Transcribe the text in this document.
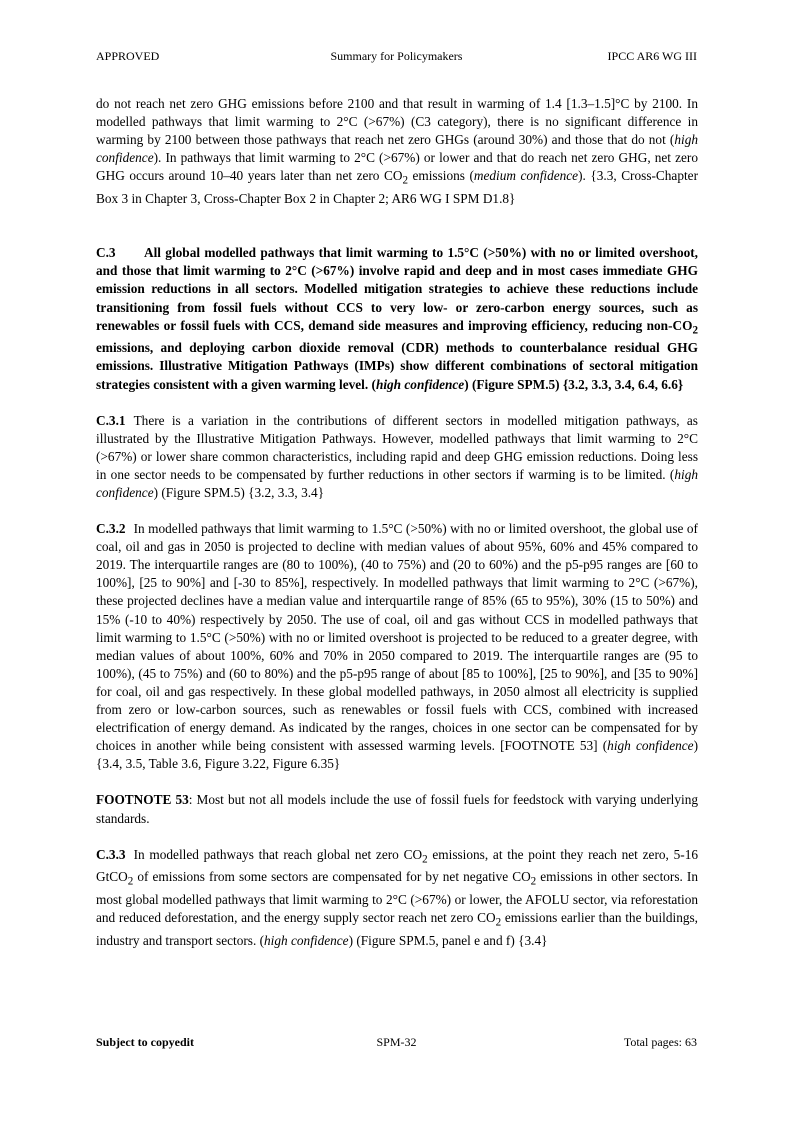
APPROVED	Summary for Policymakers	IPCC AR6 WG III

do not reach net zero GHG emissions before 2100 and that result in warming of 1.4 [1.3–1.5]°C by 2100. In modelled pathways that limit warming to 2°C (>67%) (C3 category), there is no significant difference in warming by 2100 between those pathways that reach net zero GHGs (around 30%) and those that do not (high confidence). In pathways that limit warming to 2°C (>67%) or lower and that do reach net zero GHG, net zero GHG occurs around 10–40 years later than net zero $CO_2$ emissions (medium confidence). {3.3, Cross-Chapter Box 3 in Chapter 3, Cross-Chapter Box 2 in Chapter 2; AR6 WG I SPM D1.8}

C.3 All global modelled pathways that limit warming to 1.5°C (>50%) with no or limited overshoot, and those that limit warming to 2°C (>67%) involve rapid and deep and in most cases immediate GHG emission reductions in all sectors. Modelled mitigation strategies to achieve these reductions include transitioning from fossil fuels without CCS to very low- or zero-carbon energy sources, such as renewables or fossil fuels with CCS, demand side measures and improving efficiency, reducing non-$CO_2$ emissions, and deploying carbon dioxide removal (CDR) methods to counterbalance residual GHG emissions. Illustrative Mitigation Pathways (IMPs) show different combinations of sectoral mitigation strategies consistent with a given warming level. (high confidence) (Figure SPM.5) {3.2, 3.3, 3.4, 6.4, 6.6}

C.3.1 There is a variation in the contributions of different sectors in modelled mitigation pathways, as illustrated by the Illustrative Mitigation Pathways. However, modelled pathways that limit warming to 2°C (>67%) or lower share common characteristics, including rapid and deep GHG emission reductions. Doing less in one sector needs to be compensated by further reductions in other sectors if warming is to be limited. (high confidence) (Figure SPM.5) {3.2, 3.3, 3.4}

C.3.2 In modelled pathways that limit warming to 1.5°C (>50%) with no or limited overshoot, the global use of coal, oil and gas in 2050 is projected to decline with median values of about 95%, 60% and 45% compared to 2019. The interquartile ranges are (80 to 100%), (40 to 75%) and (20 to 60%) and the p5-p95 ranges are [60 to 100%], [25 to 90%] and [-30 to 85%], respectively. In modelled pathways that limit warming to 2°C (>67%), these projected declines have a median value and interquartile range of 85% (65 to 95%), 30% (15 to 50%) and 15% (-10 to 40%) respectively by 2050. The use of coal, oil and gas without CCS in modelled pathways that limit warming to 1.5°C (>50%) with no or limited overshoot is projected to be reduced to a greater degree, with median values of about 100%, 60% and 70% in 2050 compared to 2019. The interquartile ranges are (95 to 100%), (45 to 75%) and (60 to 80%) and the p5-p95 range of about [85 to 100%], [25 to 90%], and [35 to 90%] for coal, oil and gas respectively. In these global modelled pathways, in 2050 almost all electricity is supplied from zero or low-carbon sources, such as renewables or fossil fuels with CCS, combined with increased electrification of energy demand. As indicated by the ranges, choices in one sector can be compensated for by choices in another while being consistent with assessed warming levels. [FOOTNOTE 53] (high confidence) {3.4, 3.5, Table 3.6, Figure 3.22, Figure 6.35}

FOOTNOTE 53: Most but not all models include the use of fossil fuels for feedstock with varying underlying standards.

C.3.3 In modelled pathways that reach global net zero $CO_2$ emissions, at the point they reach net zero, 5-16 GtCO$_2$ of emissions from some sectors are compensated for by net negative $CO_2$ emissions in other sectors. In most global modelled pathways that limit warming to 2°C (>67%) or lower, the AFOLU sector, via reforestation and reduced deforestation, and the energy supply sector reach net zero $CO_2$ emissions earlier than the buildings, industry and transport sectors. (high confidence) (Figure SPM.5, panel e and f) {3.4}

Subject to copyedit	SPM-32	Total pages: 63
